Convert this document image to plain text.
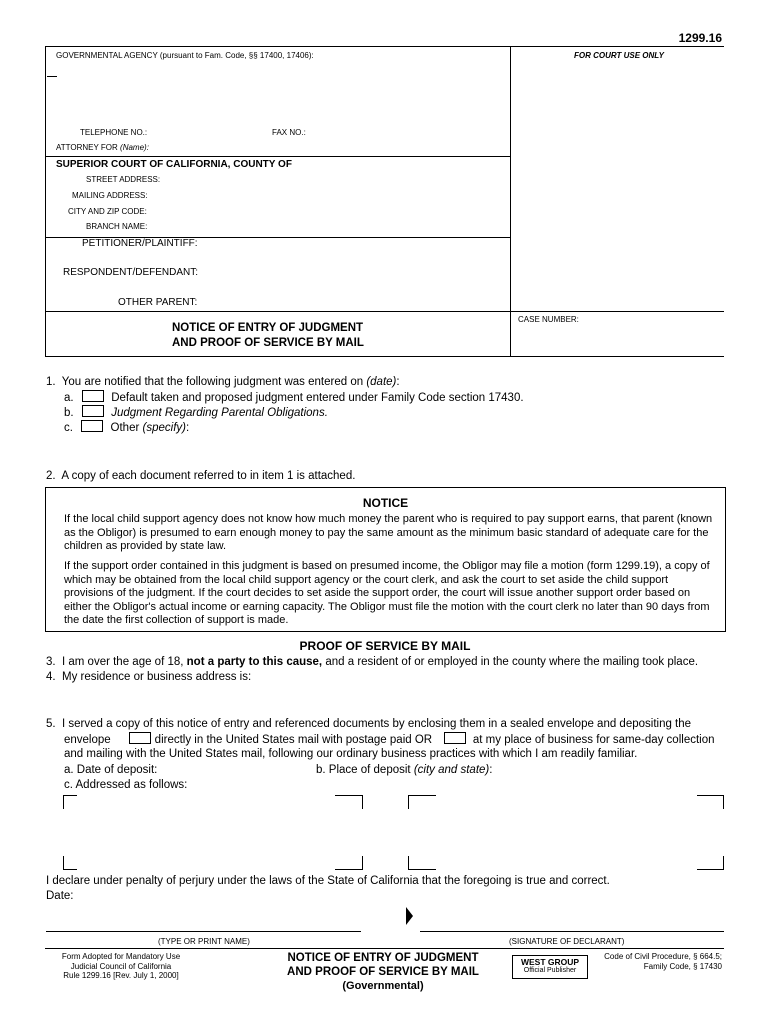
1299.16
GOVERNMENTAL AGENCY (pursuant to Fam. Code, §§ 17400, 17406):	FOR COURT USE ONLY
TELEPHONE NO.:	FAX NO.:
ATTORNEY FOR (Name):
SUPERIOR COURT OF CALIFORNIA, COUNTY OF
STREET ADDRESS:
MAILING ADDRESS:
CITY AND ZIP CODE:
BRANCH NAME:
PETITIONER/PLAINTIFF:
RESPONDENT/DEFENDANT:
OTHER PARENT:
CASE NUMBER:
NOTICE OF ENTRY OF JUDGMENT
AND PROOF OF SERVICE BY MAIL
1. You are notified that the following judgment was entered on (date):
a.	Default taken and proposed judgment entered under Family Code section 17430.
b.	Judgment Regarding Parental Obligations.
c.	Other (specify):
2. A copy of each document referred to in item 1 is attached.
NOTICE

If the local child support agency does not know how much money the parent who is required to pay support earns, that parent (known as the Obligor) is presumed to earn enough money to pay the same amount as the minimum basic standard of adequate care for the children as provided by state law.

If the support order contained in this judgment is based on presumed income, the Obligor may file a motion (form 1299.19), a copy of which may be obtained from the local child support agency or the court clerk, and ask the court to set aside the child support provisions of the judgment. If the court decides to set aside the support order, the court will issue another support order based on either the Obligor's actual income or earning capacity. The Obligor must file the motion with the court clerk no later than 90 days from the date the first collection of support is made.

PROOF OF SERVICE BY MAIL
3. I am over the age of 18, not a party to this cause, and a resident of or employed in the county where the mailing took place.
4. My residence or business address is:
5. I served a copy of this notice of entry and referenced documents by enclosing them in a sealed envelope and depositing the
envelope	directly in the United States mail with postage paid OR	at my place of business for same-day collection
and mailing with the United States mail, following our ordinary business practices with which I am readily familiar.
a. Date of deposit:	b. Place of deposit (city and state):
c. Addressed as follows:
I declare under penalty of perjury under the laws of the State of California that the foregoing is true and correct.
Date:
(TYPE OR PRINT NAME)	(SIGNATURE OF DECLARANT)
Form Adopted for Mandatory Use
Judicial Council of California
Rule 1299.16 [Rev. July 1, 2000]
NOTICE OF ENTRY OF JUDGMENT
AND PROOF OF SERVICE BY MAIL
(Governmental)
WEST GROUP
Official Publisher
Code of Civil Procedure, § 664.5;
Family Code, § 17430
